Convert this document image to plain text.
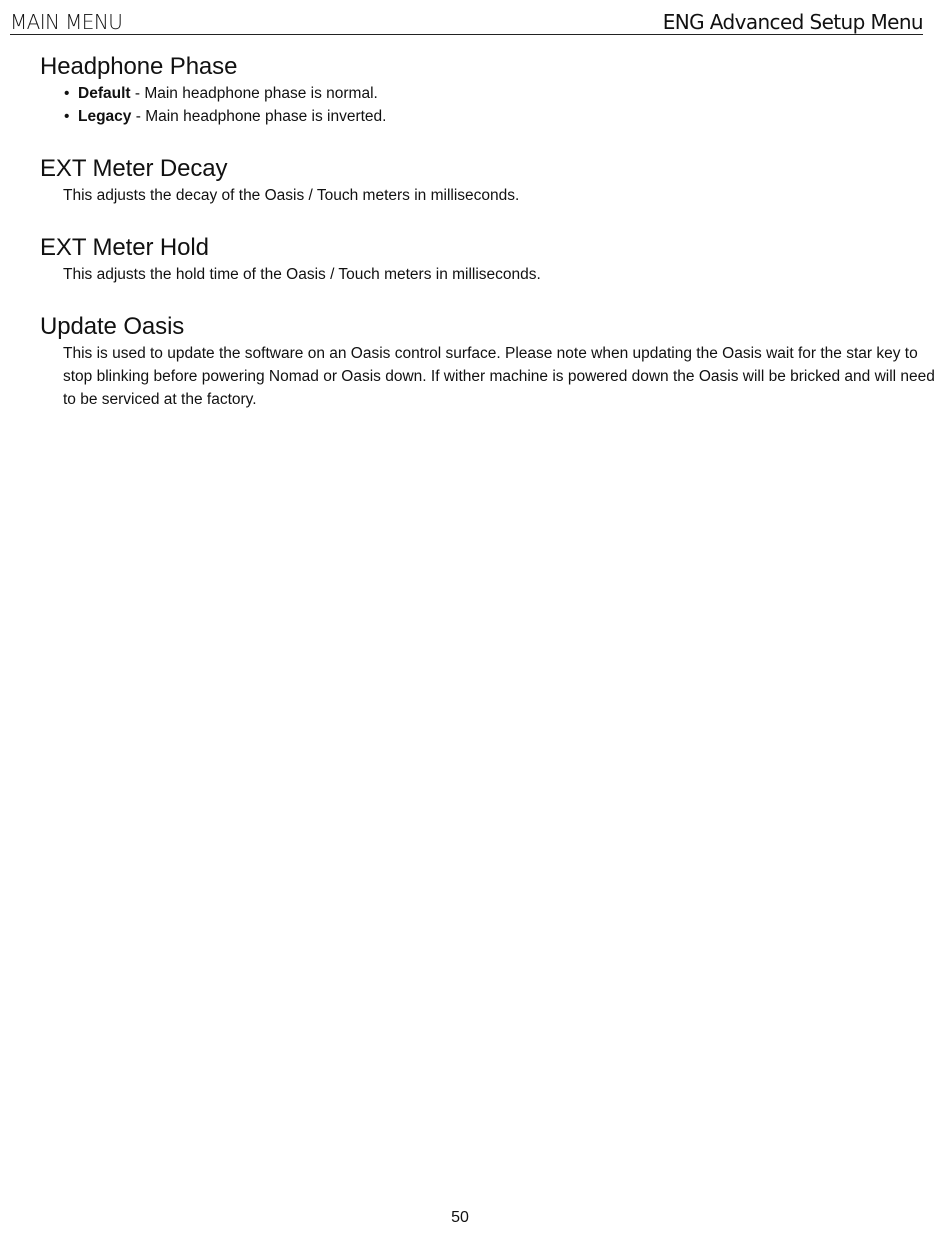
MAIN MENU	ENG Advanced Setup Menu
Headphone Phase
• Default - Main headphone phase is normal.
• Legacy - Main headphone phase is inverted.
EXT Meter Decay

This adjusts the decay of the Oasis / Touch meters in milliseconds.

EXT Meter Hold

This adjusts the hold time of the Oasis / Touch meters in milliseconds.

Update Oasis

This is used to update the software on an Oasis control surface. Please note when updating the Oasis wait for the star key to stop blinking before powering Nomad or Oasis down. If wither machine is powered down the Oasis will be bricked and will need to be serviced at the factory.

50
